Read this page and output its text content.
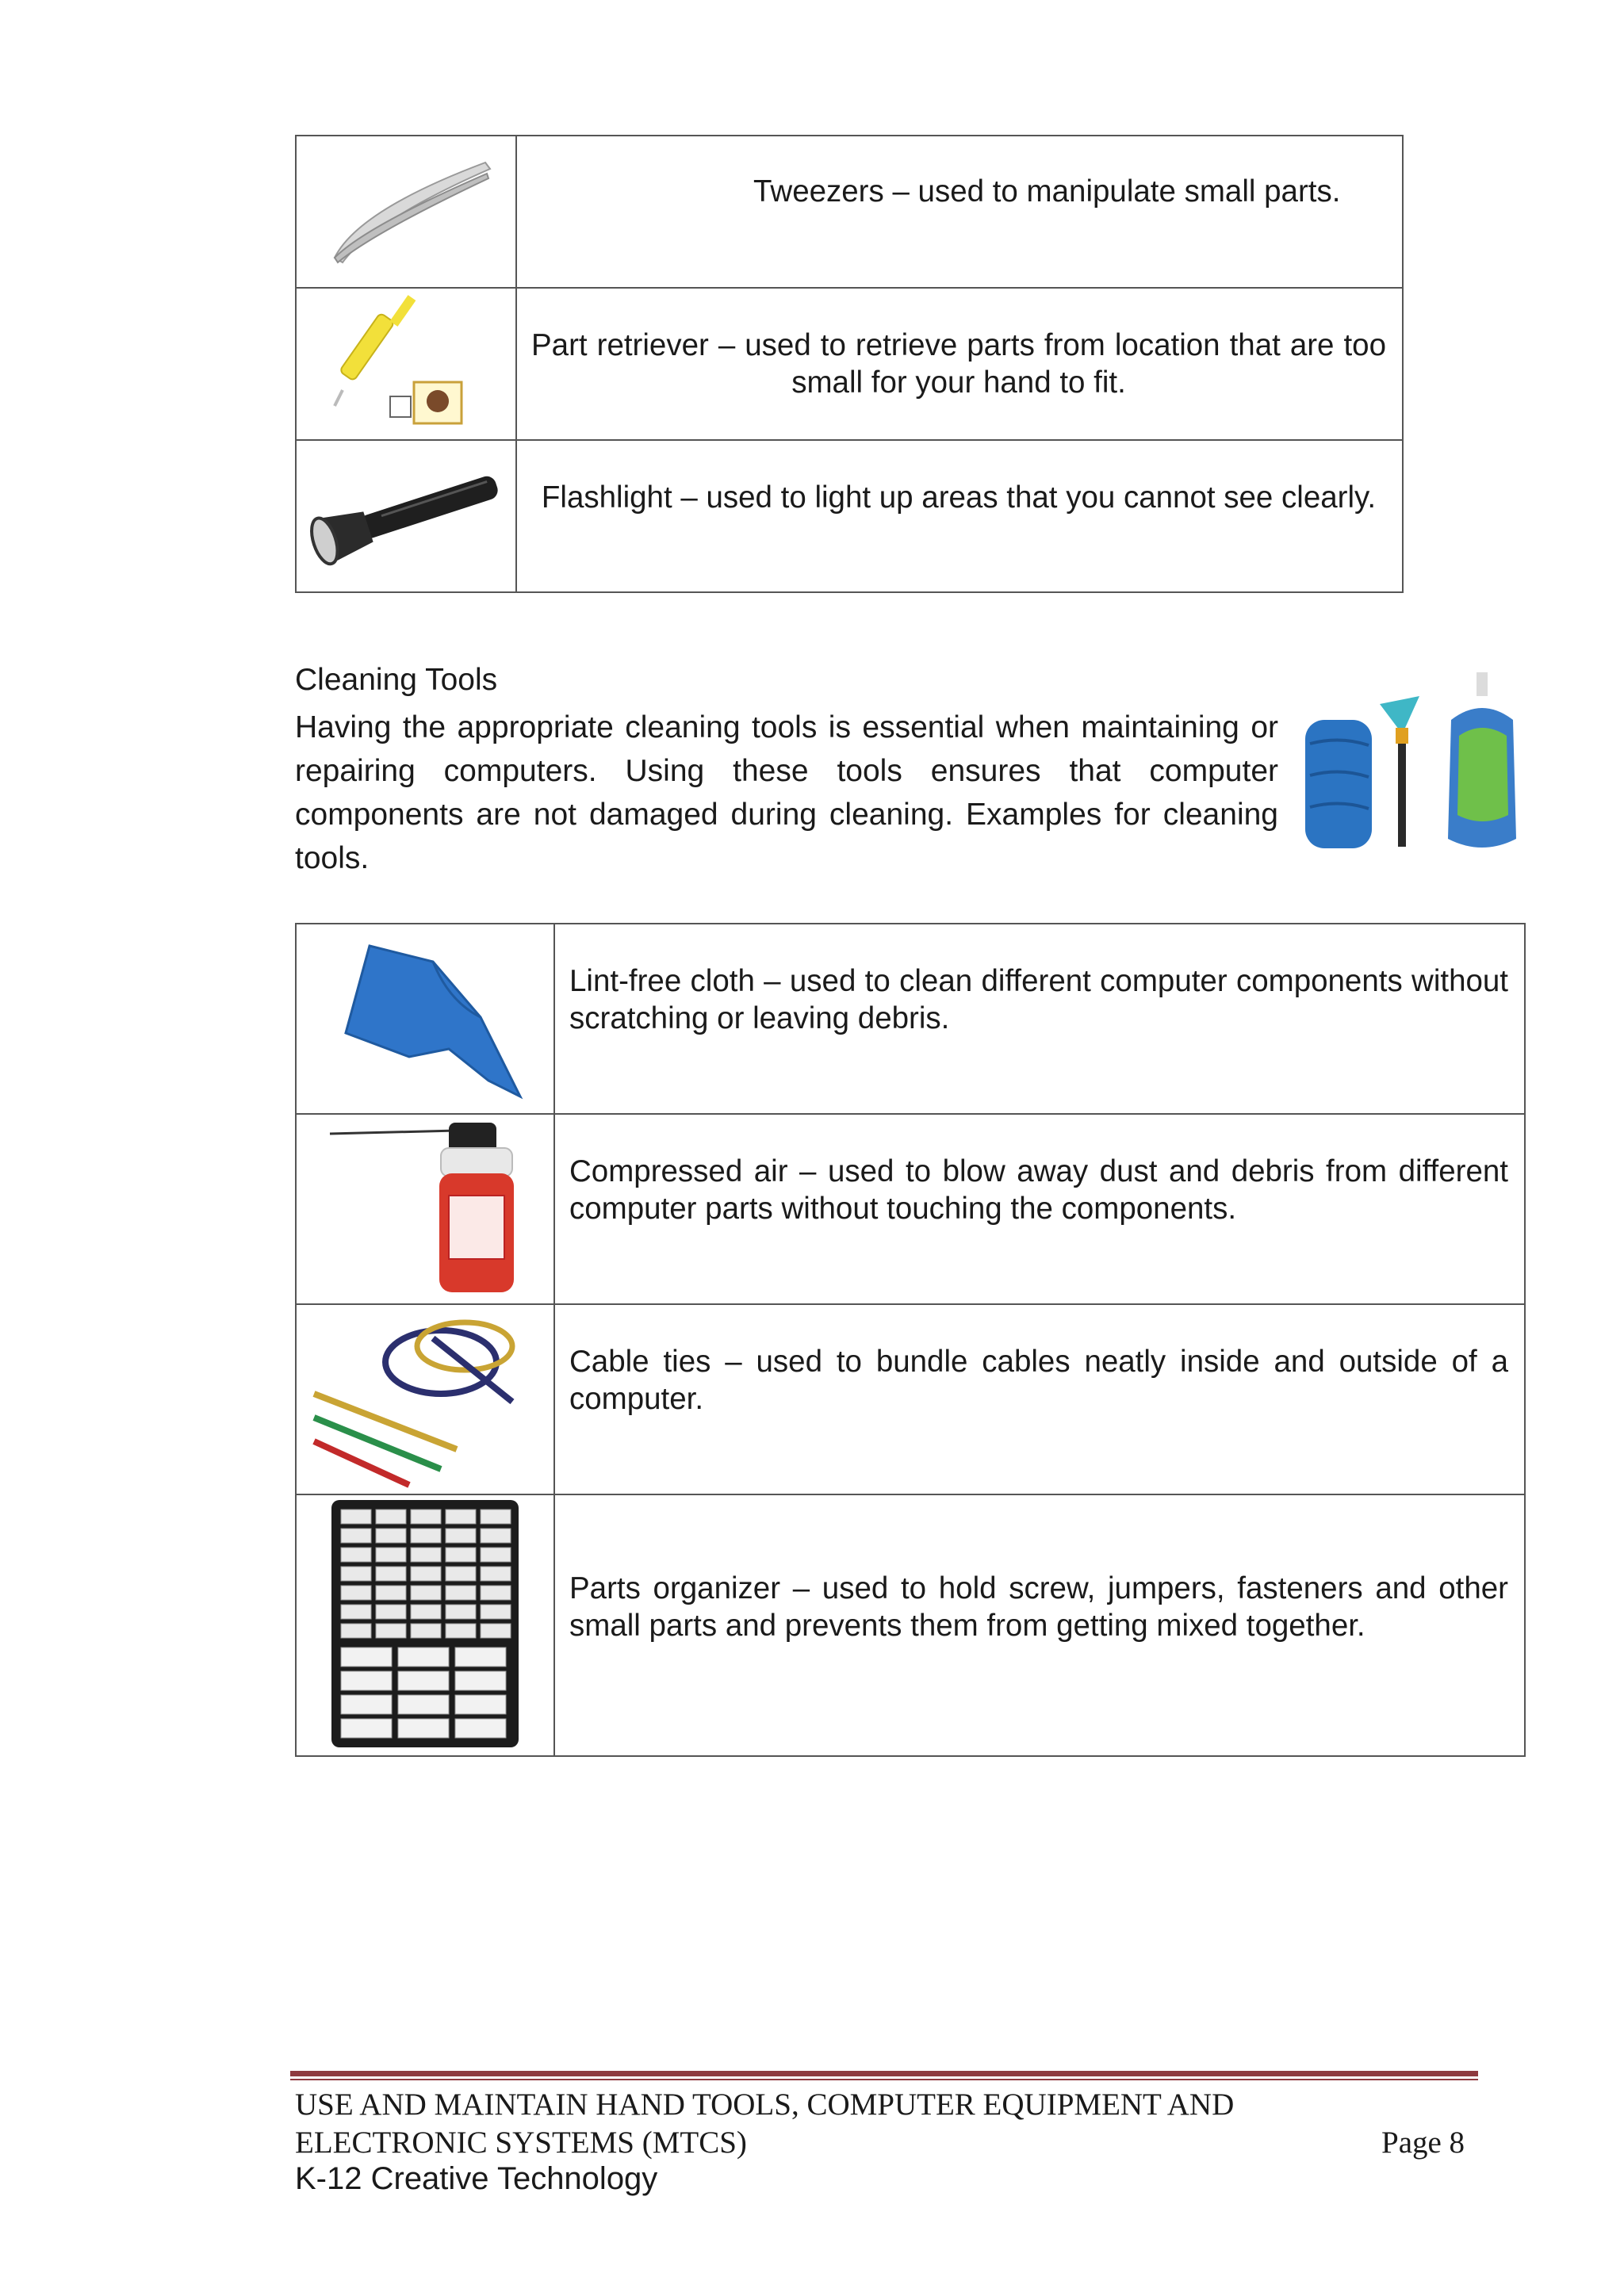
	Tweezers – used to manipulate small parts.
	Part retriever – used to retrieve parts from location that are too small for your hand to fit.
	Flashlight – used to light up areas that you cannot see clearly.
Cleaning Tools

Having the appropriate cleaning tools is essential when maintaining or repairing computers. Using these tools ensures that computer components are not damaged during cleaning. Examples for cleaning tools.

	Lint-free cloth – used to clean different computer components without scratching or leaving debris.
	Compressed air – used to blow away dust and debris from different computer parts without touching the components.
	Cable ties – used to bundle cables neatly inside and outside of a computer.
	Parts organizer – used to hold screw, jumpers, fasteners and other small parts and prevents them from getting mixed together.
USE AND MAINTAIN HAND TOOLS, COMPUTER EQUIPMENT AND
ELECTRONIC SYSTEMS (MTCS)	Page 8
K-12 Creative Technology
